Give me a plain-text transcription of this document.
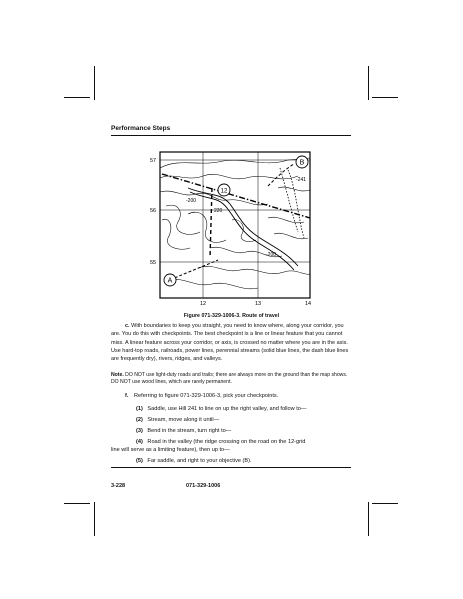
Performance Steps
A
B
12
-241
-200
-200
220
57
56
55
12	13	14
Figure 071-329-1006-3. Route of travel
c. With boundaries to keep you straight, you need to know where, along your corridor, you are. You do this with checkpoints. The best checkpoint is a line or linear feature that you cannot miss. A linear feature across your corridor, or axis, is crossed no matter where you are in the axis. Use hard-top roads, railroads, power lines, perennial streams (solid blue lines, the dash blue lines are frequently dry), rivers, ridges, and valleys.
Note. DO NOT use light-duty roads and trails; there are always more on the ground than the map shows. DO NOT use wood lines, which are rarely permanent.
f. Referring to figure 071-329-1006-3, pick your checkpoints.
(1) Saddle, use Hill 241 to line on up the right valley, and follow to—
(2) Stream, move along it until—
(3) Bend in the stream, turn right to—
(4) Road in the valley (the ridge crossing on the road on the 12-grid
line will serve as a limiting feature), then up to—
(5) Far saddle, and right to your objective (B).
3-228	071-329-1006
